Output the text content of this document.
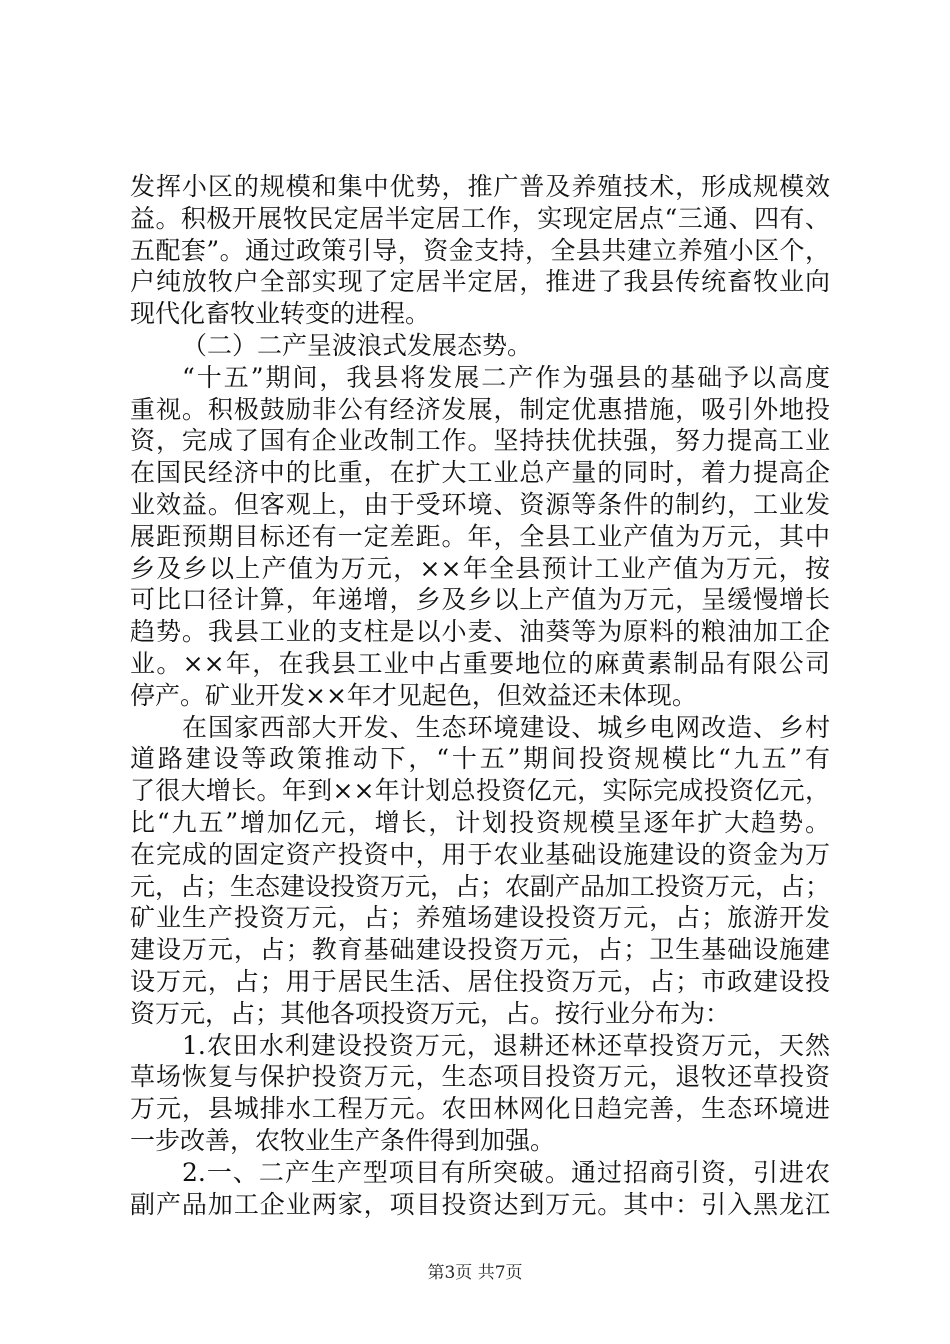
发挥小区的规模和集中优势，推广普及养殖技术，形成规模效
益。积极开展牧民定居半定居工作，实现定居点“三通、四有、
五配套”。通过政策引导，资金支持，全县共建立养殖小区个，
户纯放牧户全部实现了定居半定居，推进了我县传统畜牧业向
现代化畜牧业转变的进程。
（二）二产呈波浪式发展态势。
“十五”期间，我县将发展二产作为强县的基础予以高度
重视。积极鼓励非公有经济发展，制定优惠措施，吸引外地投
资，完成了国有企业改制工作。坚持扶优扶强，努力提高工业
在国民经济中的比重，在扩大工业总产量的同时，着力提高企
业效益。但客观上，由于受环境、资源等条件的制约，工业发
展距预期目标还有一定差距。年，全县工业产值为万元，其中
乡及乡以上产值为万元，××年全县预计工业产值为万元，按
可比口径计算，年递增，乡及乡以上产值为万元，呈缓慢增长
趋势。我县工业的支柱是以小麦、油葵等为原料的粮油加工企
业。××年，在我县工业中占重要地位的麻黄素制品有限公司
停产。矿业开发××年才见起色，但效益还未体现。
在国家西部大开发、生态环境建设、城乡电网改造、乡村
道路建设等政策推动下，“十五”期间投资规模比“九五”有
了很大增长。年到××年计划总投资亿元，实际完成投资亿元，
比“九五”增加亿元，增长，计划投资规模呈逐年扩大趋势。
在完成的固定资产投资中，用于农业基础设施建设的资金为万
元，占；生态建设投资万元，占；农副产品加工投资万元，占；
矿业生产投资万元，占；养殖场建设投资万元，占；旅游开发
建设万元，占；教育基础建设投资万元，占；卫生基础设施建
设万元，占；用于居民生活、居住投资万元，占；市政建设投
资万元，占；其他各项投资万元，占。按行业分布为：
1.农田水利建设投资万元，退耕还林还草投资万元，天然
草场恢复与保护投资万元，生态项目投资万元，退牧还草投资
万元，县城排水工程万元。农田林网化日趋完善，生态环境进
一步改善，农牧业生产条件得到加强。
2.一、二产生产型项目有所突破。通过招商引资，引进农
副产品加工企业两家，项目投资达到万元。其中：引入黑龙江
第3页 共7页
